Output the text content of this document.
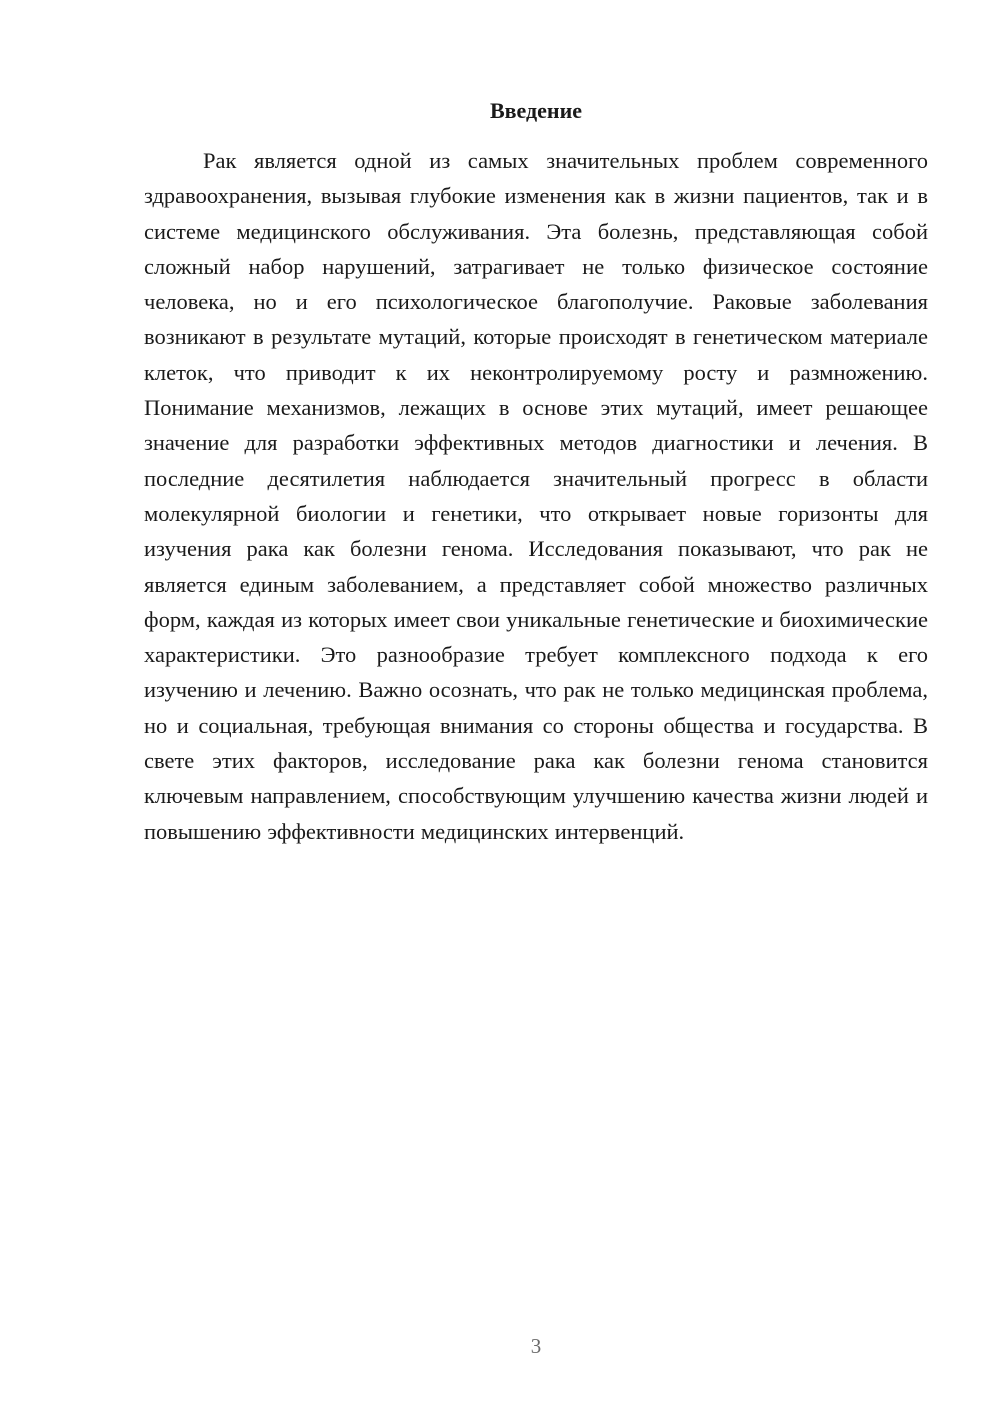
Введение

Рак является одной из самых значительных проблем современного здравоохранения, вызывая глубокие изменения как в жизни пациентов, так и в системе медицинского обслуживания. Эта болезнь, представляющая собой сложный набор нарушений, затрагивает не только физическое состояние человека, но и его психологическое благополучие. Раковые заболевания возникают в результате мутаций, которые происходят в генетическом материале клеток, что приводит к их неконтролируемому росту и размножению. Понимание механизмов, лежащих в основе этих мутаций, имеет решающее значение для разработки эффективных методов диагностики и лечения. В последние десятилетия наблюдается значительный прогресс в области молекулярной биологии и генетики, что открывает новые горизонты для изучения рака как болезни генома. Исследования показывают, что рак не является единым заболеванием, а представляет собой множество различных форм, каждая из которых имеет свои уникальные генетические и биохимические характеристики. Это разнообразие требует комплексного подхода к его изучению и лечению. Важно осознать, что рак не только медицинская проблема, но и социальная, требующая внимания со стороны общества и государства. В свете этих факторов, исследование рака как болезни генома становится ключевым направлением, способствующим улучшению качества жизни людей и повышению эффективности медицинских интервенций.

3
